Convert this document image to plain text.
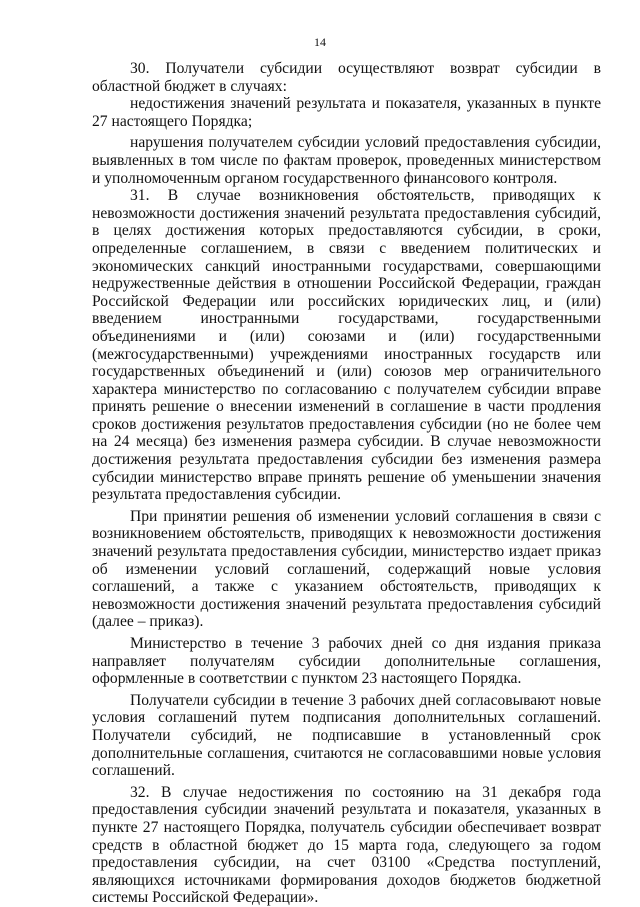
14

30. Получатели субсидии осуществляют возврат субсидии в областной бюджет в случаях:

недостижения значений результата и показателя, указанных в пункте 27 настоящего Порядка;

нарушения получателем субсидии условий предоставления субсидии, выявленных в том числе по фактам проверок, проведенных министерством и уполномоченным органом государственного финансового контроля.

31. В случае возникновения обстоятельств, приводящих к невозможности достижения значений результата предоставления субсидий, в целях достижения которых предоставляются субсидии, в сроки, определенные соглашением, в связи с введением политических и экономических санкций иностранными государствами, совершающими недружественные действия в отношении Российской Федерации, граждан Российской Федерации или российских юридических лиц, и (или) введением иностранными государствами, государственными объединениями и (или) союзами и (или) государственными (межгосударственными) учреждениями иностранных государств или государственных объединений и (или) союзов мер ограничительного характера министерство по согласованию с получателем субсидии вправе принять решение о внесении изменений в соглашение в части продления сроков достижения результатов предоставления субсидии (но не более чем на 24 месяца) без изменения размера субсидии. В случае невозможности достижения результата предоставления субсидии без изменения размера субсидии министерство вправе принять решение об уменьшении значения результата предоставления субсидии.

При принятии решения об изменении условий соглашения в связи с возникновением обстоятельств, приводящих к невозможности достижения значений результата предоставления субсидии, министерство издает приказ об изменении условий соглашений, содержащий новые условия соглашений, а также с указанием обстоятельств, приводящих к невозможности достижения значений результата предоставления субсидий (далее – приказ).

Министерство в течение 3 рабочих дней со дня издания приказа направляет получателям субсидии дополнительные соглашения, оформленные в соответствии с пунктом 23 настоящего Порядка.

Получатели субсидии в течение 3 рабочих дней согласовывают новые условия соглашений путем подписания дополнительных соглашений. Получатели субсидий, не подписавшие в установленный срок дополнительные соглашения, считаются не согласовавшими новые условия соглашений.

32. В случае недостижения по состоянию на 31 декабря года предоставления субсидии значений результата и показателя, указанных в пункте 27 настоящего Порядка, получатель субсидии обеспечивает возврат средств в областной бюджет до 15 марта года, следующего за годом предоставления субсидии, на счет 03100 «Средства поступлений, являющихся источниками формирования доходов бюджетов бюджетной системы Российской Федерации».
